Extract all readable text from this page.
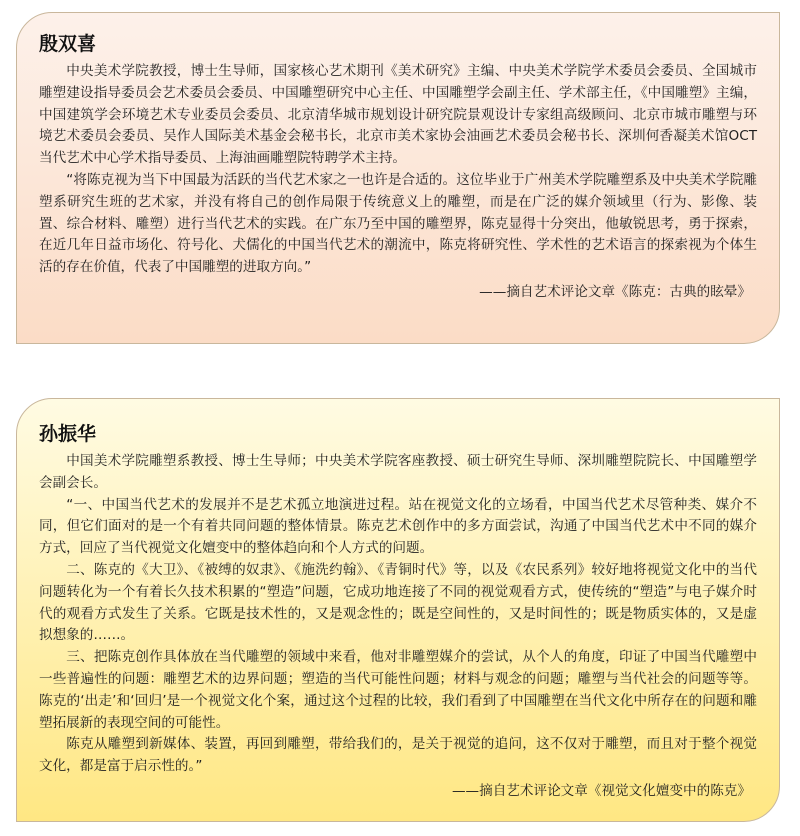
殷双喜

中央美术学院教授，博士生导师，国家核心艺术期刊《美术研究》主编、中央美术学院学术委员会委员、全国城市雕塑建设指导委员会艺术委员会委员、中国雕塑研究中心主任、中国雕塑学会副主任、学术部主任，《中国雕塑》主编，中国建筑学会环境艺术专业委员会委员、北京清华城市规划设计研究院景观设计专家组高级顾问、北京市城市雕塑与环境艺术委员会委员、吴作人国际美术基金会秘书长，北京市美术家协会油画艺术委员会秘书长、深圳何香凝美术馆OCT当代艺术中心学术指导委员、上海油画雕塑院特聘学术主持。

“将陈克视为当下中国最为活跃的当代艺术家之一也许是合适的。这位毕业于广州美术学院雕塑系及中央美术学院雕塑系研究生班的艺术家，并没有将自己的创作局限于传统意义上的雕塑，而是在广泛的媒介领域里（行为、影像、装置、综合材料、雕塑）进行当代艺术的实践。在广东乃至中国的雕塑界，陈克显得十分突出，他敏锐思考，勇于探索，在近几年日益市场化、符号化、犬儒化的中国当代艺术的潮流中，陈克将研究性、学术性的艺术语言的探索视为个体生活的存在价值，代表了中国雕塑的进取方向。”

——摘自艺术评论文章《陈克：古典的眩晕》

孙振华

中国美术学院雕塑系教授、博士生导师；中央美术学院客座教授、硕士研究生导师、深圳雕塑院院长、中国雕塑学会副会长。

“一、中国当代艺术的发展并不是艺术孤立地演进过程。站在视觉文化的立场看，中国当代艺术尽管种类、媒介不同，但它们面对的是一个有着共同问题的整体情景。陈克艺术创作中的多方面尝试，沟通了中国当代艺术中不同的媒介方式，回应了当代视觉文化嬗变中的整体趋向和个人方式的问题。

二、陈克的《大卫》、《被缚的奴隶》、《施洗约翰》、《青铜时代》等，以及《农民系列》较好地将视觉文化中的当代问题转化为一个有着长久技术积累的“塑造”问题，它成功地连接了不同的视觉观看方式，使传统的“塑造”与电子媒介时代的观看方式发生了关系。它既是技术性的，又是观念性的；既是空间性的，又是时间性的；既是物质实体的，又是虚拟想象的……。

三、把陈克创作具体放在当代雕塑的领域中来看，他对非雕塑媒介的尝试，从个人的角度，印证了中国当代雕塑中一些普遍性的问题：雕塑艺术的边界问题；塑造的当代可能性问题；材料与观念的问题；雕塑与当代社会的问题等等。陈克的‘出走’和‘回归’是一个视觉文化个案，通过这个过程的比较，我们看到了中国雕塑在当代文化中所存在的问题和雕塑拓展新的表现空间的可能性。

陈克从雕塑到新媒体、装置，再回到雕塑，带给我们的，是关于视觉的追问，这不仅对于雕塑，而且对于整个视觉文化，都是富于启示性的。”

——摘自艺术评论文章《视觉文化嬗变中的陈克》
